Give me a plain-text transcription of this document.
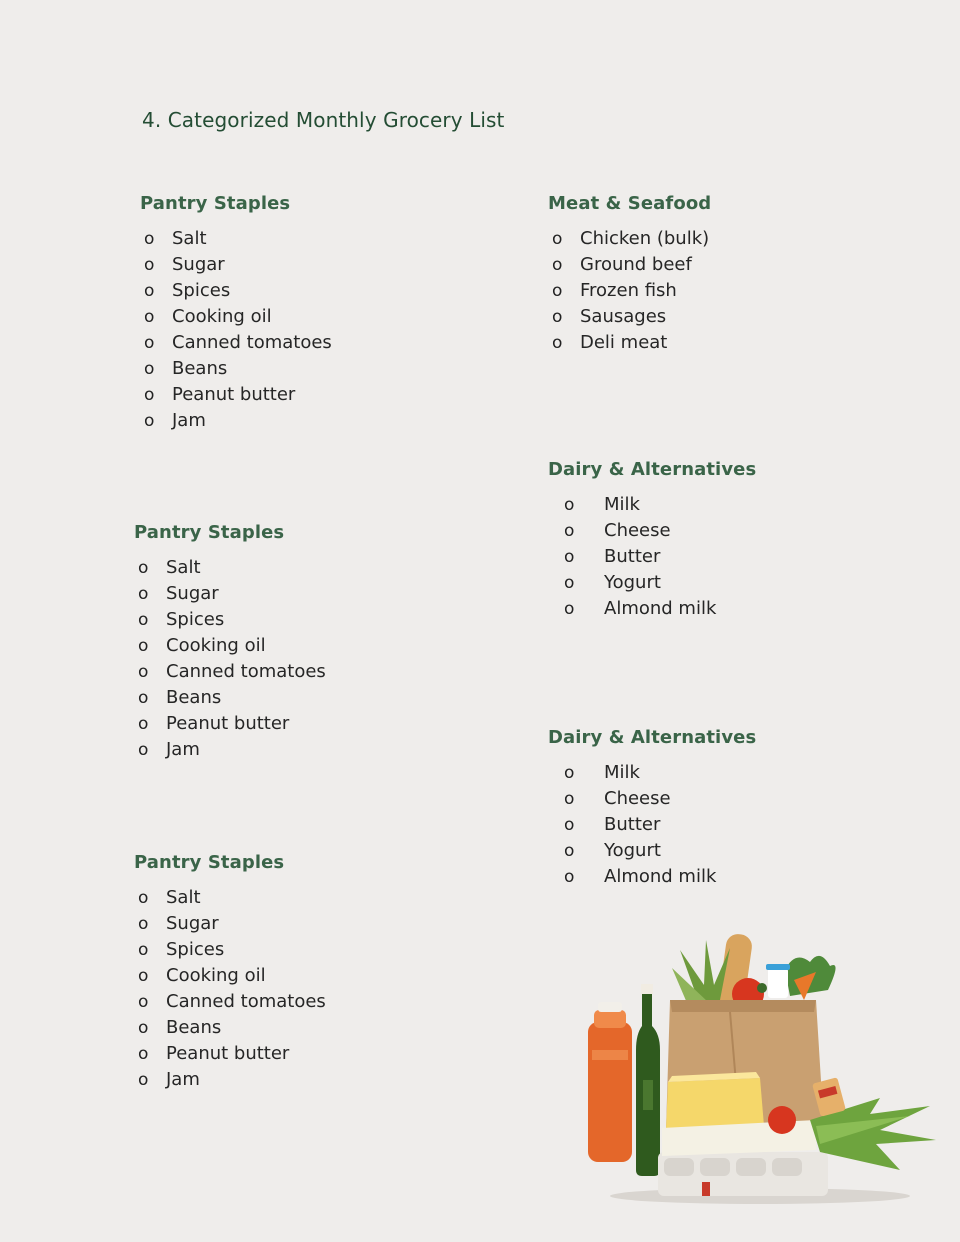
4. Categorized Monthly Grocery List
Pantry Staples
o Salt
o Sugar
o Spices
o Cooking oil
o Canned tomatoes
o Beans
o Peanut butter
o Jam
Meat & Seafood
o Chicken (bulk)
o Ground beef
o Frozen fish
o Sausages
o Deli meat
Dairy & Alternatives
o Milk
o Cheese
o Butter
o Yogurt
o Almond milk
Pantry Staples
o Salt
o Sugar
o Spices
o Cooking oil
o Canned tomatoes
o Beans
o Peanut butter
o Jam
Dairy & Alternatives
o Milk
o Cheese
o Butter
o Yogurt
o Almond milk
Pantry Staples
o Salt
o Sugar
o Spices
o Cooking oil
o Canned tomatoes
o Beans
o Peanut butter
o Jam
